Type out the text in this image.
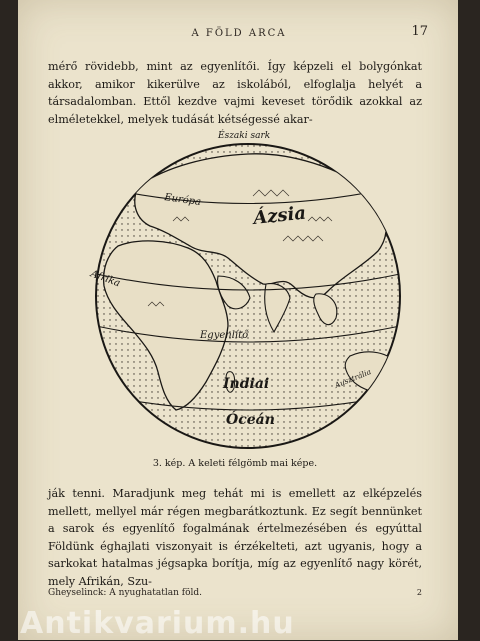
A FÖLD ARCA	17

mérő rövidebb, mint az egyenlítői. Így képzeli el bolygónkat akkor, amikor kikerülve az iskolából, elfoglalja helyét a társadalomban. Ettől kezdve vajmi keveset törődik azokkal az elméletekkel, melyek tudását kétségessé akar-

Északi sark
Európa
Ázsia
Afrika
Egyenlítő
Indiai
Óceán
Ausztrália
3. kép. A keleti félgömb mai képe.

ják tenni. Maradjunk meg tehát mi is emellett az elképzelés mellett, mellyel már régen megbarátkoztunk. Ez segít bennünket a sarok és egyenlítő fogalmának értelmezésében és egyúttal Földünk éghajlati viszonyait is érzékelteti, azt ugyanis, hogy a sarkokat hatalmas jégsapka borítja, míg az egyenlítő nagy körét, mely Afrikán, Szu-

Gheyselinck: A nyughatatlan föld.	2
Antikvarium.hu
